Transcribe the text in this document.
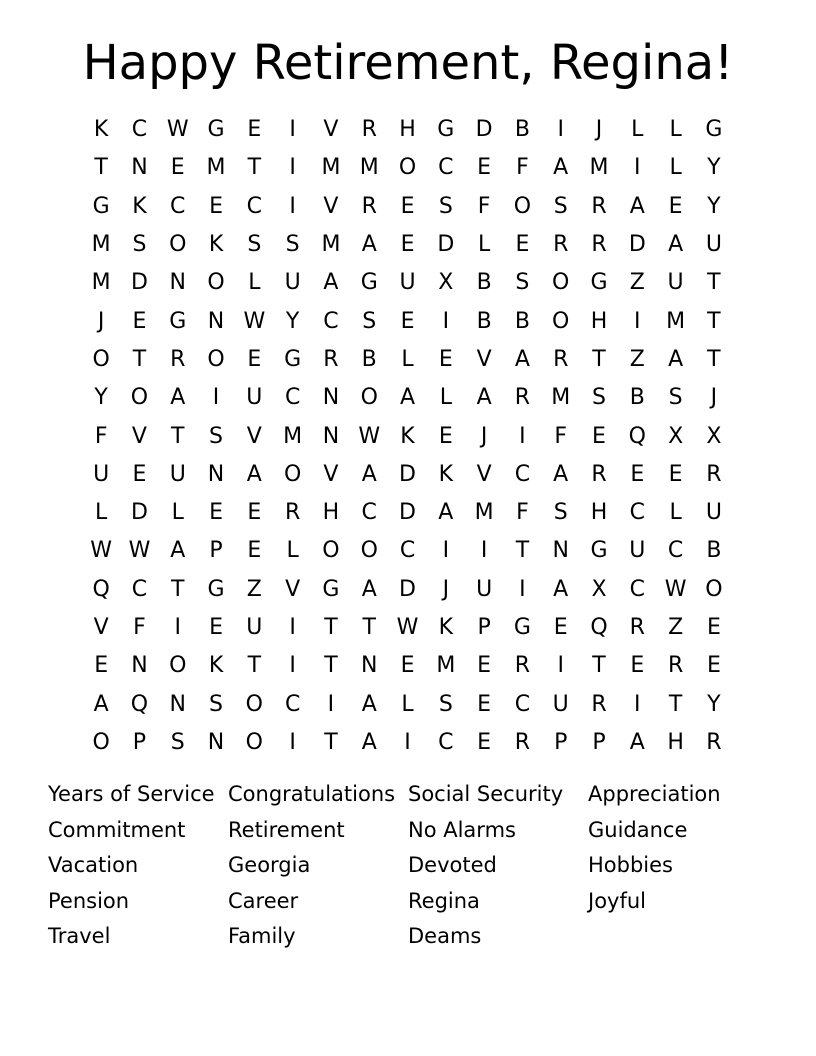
Happy Retirement, Regina!
K	C W G	E	I	V	R	H G D	B	I	J	L	L	G
T	N	E M	T	I	M M O C	E	F	A M	I	L	Y
G	K	C	E	C	I	V	R	E	S	F	O	S	R	A	E	Y
M S	O	K	S	S M A	E	D	L	E	R	R	D	A	U
M D N O	L	U	A	G U	X	B	S	O G	Z	U	T
J	E	G N W Y	C	S	E	I	B	B	O H	I	M	T
O	T	R O	E	G	R	B	L	E	V	A	R	T	Z	A	T
Y	O	A	I	U	C	N O	A	L	A	R M S	B	S	J
F	V	T	S	V M N W K	E	J	I	F	E	Q	X	X
U	E	U	N	A	O	V	A	D	K	V	C	A	R	E	E	R
L	D	L	E	E	R	H	C	D	A M	F	S	H	C	L	U
W W A	P	E	L	O O C	I	I	T	N G U	C	B
Q C	T	G	Z	V	G	A	D	J	U	I	A	X	C W O
V	F	I	E	U	I	T	T W K	P	G	E	Q R	Z	E
E	N O	K	T	I	T	N	E M E	R	I	T	E	R	E
A	Q N	S	O C	I	A	L	S	E	C	U	R	I	T	Y
O	P	S	N O	I	T	A	I	C	E	R	P	P	A	H	R
Years of Service
Commitment
Vacation
Pension
Travel
Congratulations
Retirement
Georgia
Career
Family
Social Security
No Alarms
Devoted
Regina
Deams
Appreciation
Guidance
Hobbies
Joyful
